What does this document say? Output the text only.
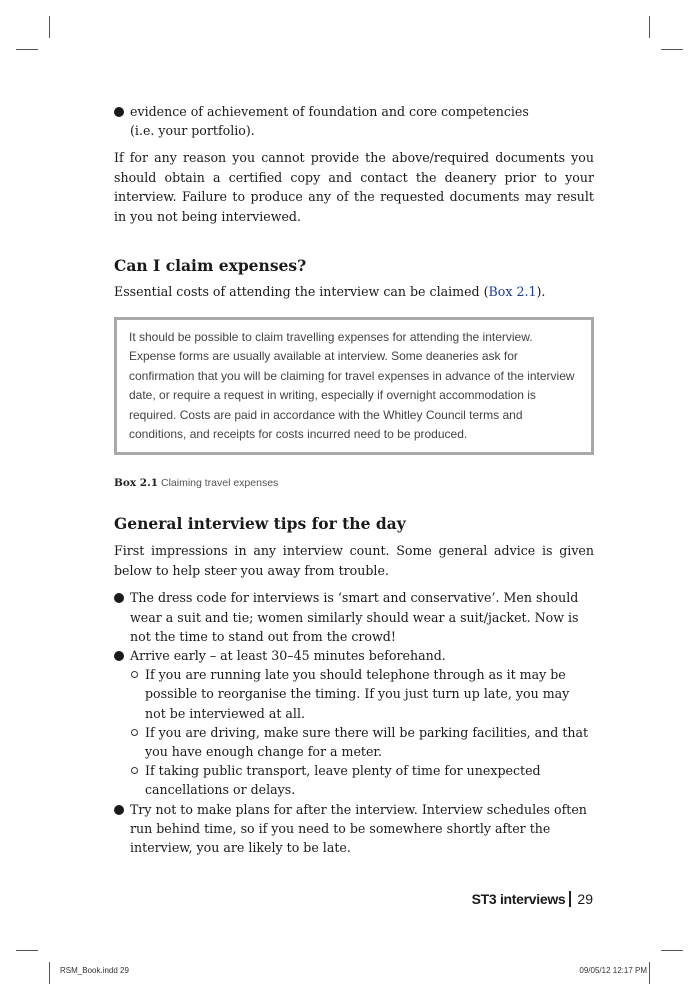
evidence of achievement of foundation and core competencies
(i.e. your portfolio).

If for any reason you cannot provide the above/required documents you should obtain a certified copy and contact the deanery prior to your interview. Failure to produce any of the requested documents may result in you not being interviewed.

Can I claim expenses?

Essential costs of attending the interview can be claimed (Box 2.1).

It should be possible to claim travelling expenses for attending the interview. Expense forms are usually available at interview. Some deaneries ask for confirmation that you will be claiming for travel expenses in advance of the interview date, or require a request in writing, especially if overnight accommodation is required. Costs are paid in accordance with the Whitley Council terms and conditions, and receipts for costs incurred need to be produced.
Box 2.1 Claiming travel expenses
General interview tips for the day

First impressions in any interview count. Some general advice is given below to help steer you away from trouble.

The dress code for interviews is ‘smart and conservative’. Men should wear a suit and tie; women similarly should wear a suit/jacket. Now is not the time to stand out from the crowd!
Arrive early – at least 30–45 minutes beforehand.
If you are running late you should telephone through as it may be possible to reorganise the timing. If you just turn up late, you may not be interviewed at all.
If you are driving, make sure there will be parking facilities, and that you have enough change for a meter.
If taking public transport, leave plenty of time for unexpected cancellations or delays.
Try not to make plans for after the interview. Interview schedules often run behind time, so if you need to be somewhere shortly after the interview, you are likely to be late.
ST3 interviews 29
RSM_Book.indd 29	09/05/12 12:17 PM
